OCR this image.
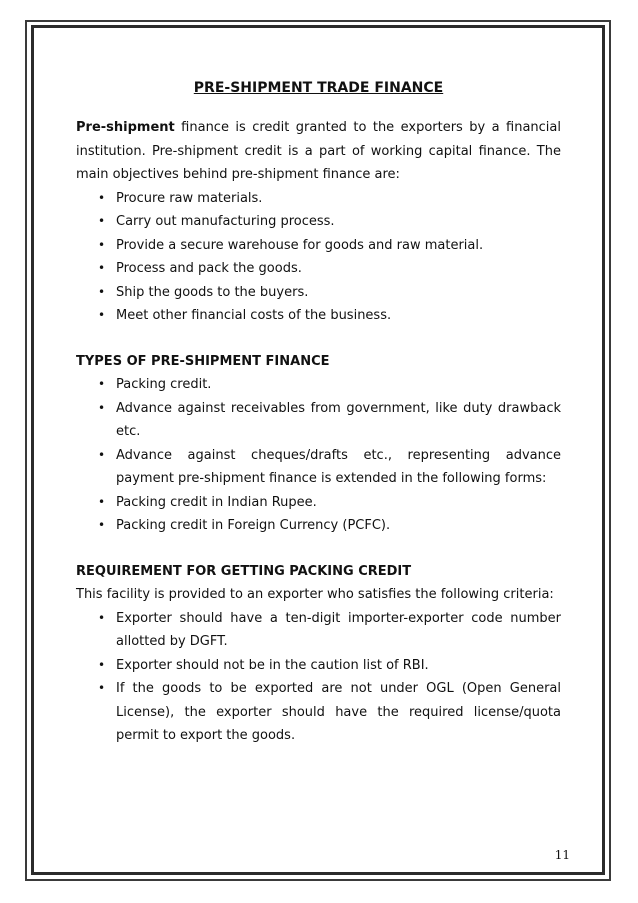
PRE-SHIPMENT TRADE FINANCE

Pre-shipment finance is credit granted to the exporters by a financial institution. Pre-shipment credit is a part of working capital finance. The main objectives behind pre-shipment finance are:

• Procure raw materials.
• Carry out manufacturing process.
• Provide a secure warehouse for goods and raw material.
• Process and pack the goods.
• Ship the goods to the buyers.
• Meet other financial costs of the business.
TYPES OF PRE-SHIPMENT FINANCE
• Packing credit.
• Advance against receivables from government, like duty drawback etc.
• Advance against cheques/drafts etc., representing advance payment pre-shipment finance is extended in the following forms:
• Packing credit in Indian Rupee.
• Packing credit in Foreign Currency (PCFC).
REQUIREMENT FOR GETTING PACKING CREDIT

This facility is provided to an exporter who satisfies the following criteria:

• Exporter should have a ten-digit importer-exporter code number allotted by DGFT.
• Exporter should not be in the caution list of RBI.
• If the goods to be exported are not under OGL (Open General License), the exporter should have the required license/quota permit to export the goods.
11
